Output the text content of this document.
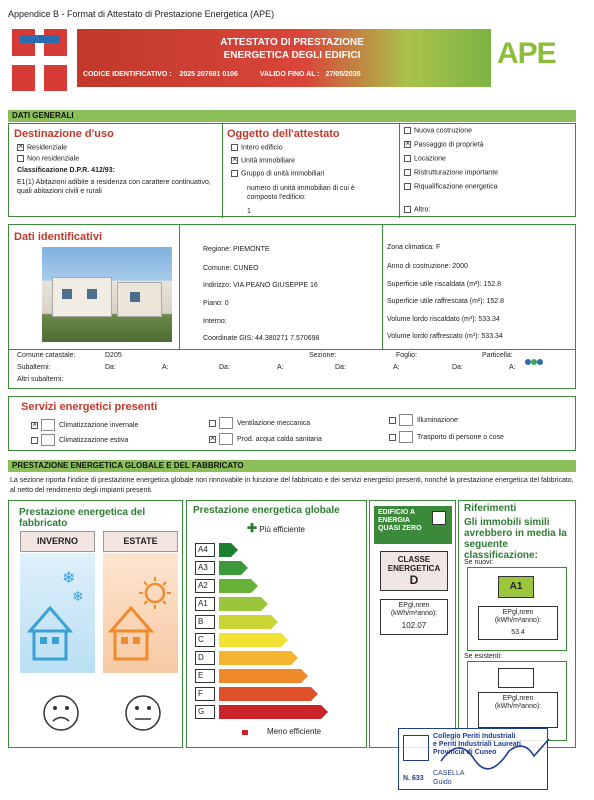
Appendice B - Format di Attestato di Prestazione Energetica (APE)
ATTESTATO DI PRESTAZIONE
ENERGETICA DEGLI EDIFICI
CODICE IDENTIFICATIVO : 2025 207681 0106	VALIDO FINO AL : 27/05/2035
APE
DATI GENERALI
Destinazione d'uso
×Residenziale
Non residenziale
Classificazione D.P.R. 412/93:
E1(1) Abitazioni adibite a residenza con carattere continuativo, quali abitazioni civili e rurali
Oggetto dell'attestato
Intero edificio
×Unità immobiliare
Gruppo di unità immobiliari
numero di unità immobiliari di cui è composto l'edificio:
1
Nuova costruzione
×Passaggio di proprietà
Locazione
Ristrutturazione importante
Riqualificazione energetica
Altro:
Dati identificativi
Regione: PIEMONTE
Comune: CUNEO
Indirizzo: VIA PEANO GIUSEPPE 16
Piano: 0
Interno:
Coordinate GIS: 44.380271 7.570698
Zona climatica: F
Anno di costruzione: 2000
Superficie utile riscaldata (m²): 152.8
Superficie utile raffrescata (m²): 152.8
Volume lordo riscaldato (m³): 533.34
Volume lordo raffrescato (m³): 533.34
Comune catastale:	D205	Sezione:	Foglio:	Particella:
Subalterni:	Da:	A:	Da:	A:	Da:	A:	Da:	A:
Altri subalterni:
Servizi energetici presenti
×Climatizzazione invernale
Climatizzazione estiva
Ventilazione meccanica
×Prod. acqua calda sanitaria
Illuminazione
Trasporto di persone o cose
PRESTAZIONE ENERGETICA GLOBALE E DEL FABBRICATO
La sezione riporta l'indice di prestazione energetica globale non rinnovabile in funzione del fabbricato e dei servizi energetici presenti, nonché la prestazione energetica del fabbricato, al netto del rendimento degli impianti presenti.
Prestazione energetica del fabbricato
INVERNO	ESTATE
❄
❄
Prestazione energetica globale
✚ Più efficiente
A4
A3
A2
A1
B
C
D
E
F
G
Meno efficiente
EDIFICIO A ENERGIA QUASI ZERO
CLASSE ENERGETICA
D
EPgl,nren (kWh/m²anno):
102.07
Riferimenti
Gli immobili simili avrebbero in media la seguente classificazione:
Se nuovi:
A1
EPgl,nren (kWh/m²anno):
53.4
Se esistenti:
EPgl,nren (kWh/m²anno):
Collegio Periti Industriali
e Periti Industriali Laureati
Provincia di Cuneo
N. 633
CASELLA
Guido
